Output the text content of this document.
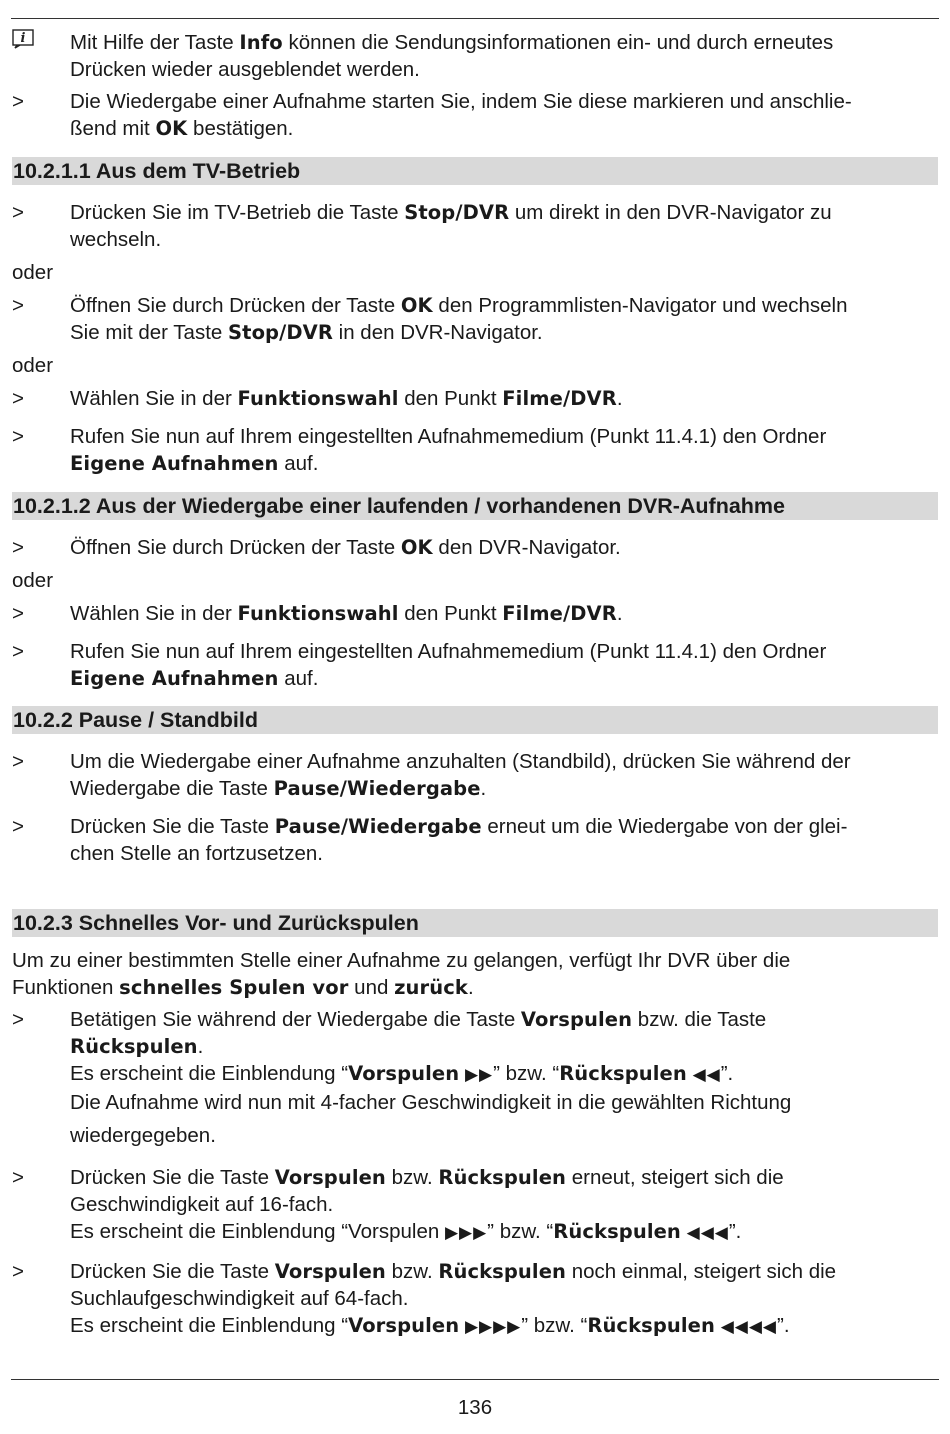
i Mit Hilfe der Taste Info können die Sendungsinformationen ein- und durch erneutes
Drücken wieder ausgeblendet werden.

>	Die Wiedergabe einer Aufnahme starten Sie, indem Sie diese markieren und anschlie-
ßend mit OK bestätigen.

10.2.1.1 Aus dem TV-Betrieb
>	Drücken Sie im TV-Betrieb die Taste Stop/DVR um direkt in den DVR-Navigator zu
wechseln.

oder
>	Öffnen Sie durch Drücken der Taste OK den Programmlisten-Navigator und wechseln
Sie mit der Taste Stop/DVR in den DVR-Navigator.

oder
>	Wählen Sie in der Funktionswahl den Punkt Filme/DVR.

>	Rufen Sie nun auf Ihrem eingestellten Aufnahmemedium (Punkt 11.4.1) den Ordner
Eigene Aufnahmen auf.

10.2.1.2 Aus der Wiedergabe einer laufenden / vorhandenen DVR-Aufnahme
>	Öffnen Sie durch Drücken der Taste OK den DVR-Navigator.

oder
>	Wählen Sie in der Funktionswahl den Punkt Filme/DVR.

>	Rufen Sie nun auf Ihrem eingestellten Aufnahmemedium (Punkt 11.4.1) den Ordner
Eigene Aufnahmen auf.

10.2.2 Pause / Standbild
>	Um die Wiedergabe einer Aufnahme anzuhalten (Standbild), drücken Sie während der
Wiedergabe die Taste Pause/Wiedergabe.

>	Drücken Sie die Taste Pause/Wiedergabe erneut um die Wiedergabe von der glei-
chen Stelle an fortzusetzen.

10.2.3 Schnelles Vor- und Zurückspulen

Um zu einer bestimmten Stelle einer Aufnahme zu gelangen, verfügt Ihr DVR über die
Funktionen schnelles Spulen vor und zurück.

>	Betätigen Sie während der Wiedergabe die Taste Vorspulen bzw. die Taste
Rückspulen.
Es erscheint die Einblendung “Vorspulen ▶▶” bzw. “Rückspulen ◀◀”.
Die Aufnahme wird nun mit 4-facher Geschwindigkeit in die gewählten Richtung
wiedergegeben.

>	Drücken Sie die Taste Vorspulen bzw. Rückspulen erneut, steigert sich die
Geschwindigkeit auf 16-fach.
Es erscheint die Einblendung “Vorspulen ▶▶▶” bzw. “Rückspulen ◀◀◀”.

>	Drücken Sie die Taste Vorspulen bzw. Rückspulen noch einmal, steigert sich die
Suchlaufgeschwindigkeit auf 64-fach.
Es erscheint die Einblendung “Vorspulen ▶▶▶▶” bzw. “Rückspulen ◀◀◀◀”.

136
